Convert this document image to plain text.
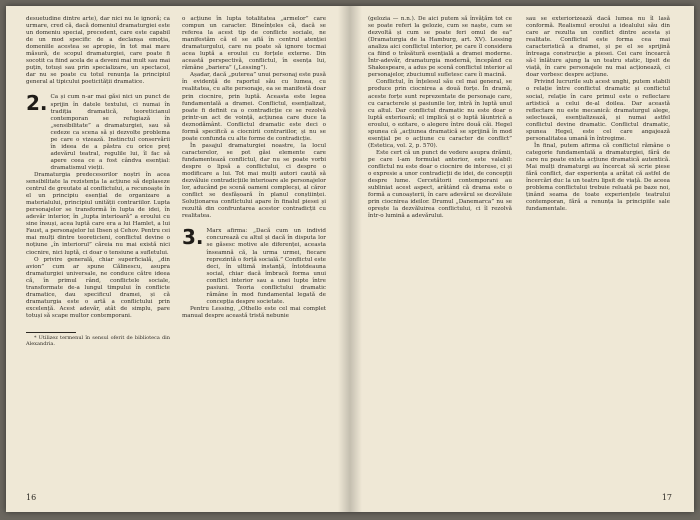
desuetudine dintre arte), dar nici nu le ignoră; ca urmare, cred că, dacă domeniul dramaturgiei este un domeniu special, precedent, care este capabil de un mod specific de a declanșa emoția, domeniile acestea se apropie, în tot mai mare măsură, de scopul dramaturgiei, care poate fi socotit ca fiind acela de a deveni mai mult sau mai puțin, totuși sau prin specializare, un spectacol, dar nu se poate cu totul renunța la principiul general al tipicului poeticității dramatice.

2. Ca și cum n-ar mai găsi nici un punct de sprijin în datele textului, ci numai în tradiția dramatică, teoreticianul contemporan se refugiază în „sensibilitate” a dramaturgiei, sau să cedeze ca scena să și dezvolte problema pe care o vizează. Instinctul conservării în ideea de a păstra cu orice preț adevărul teatral, regulile lui, îl fac să apere ceea ce a fost cândva esențial: dramatismul vieții.

Dramaturgia predecesorilor noștri în acea sensibilitate la rezistența la acțiune să deplaseze centrul de greutate al conflictului, a recunoaște în el un principiu esențial de organizare a materialului, principiul unității contrariilor. Lupta personajelor se transformă în lupta de idei, în adevăr interior, în „lupta interioară” a eroului cu sine însuși, acea luptă care era a lui Hamlet, a lui Faust, a personajelor lui Ibsen și Cehov. Pentru cei mai mulți dintre teoreticieni, conflictul devine o noțiune „în interiorul” căreia nu mai există nici ciocnire, nici luptă, ci doar o tensiune a sufletului.

O privire generală, chiar superficială, „din avion” cum ar spune Călinescu, asupra dramaturgiei universale, ne conduce către ideea că, în primul rând, conflictele sociale, transformate de-a lungul timpului în conflicte dramatice, dau specificul dramei, și că dramaturgia este o artă a conflictului prin excelență. Acest adevăr, atât de simplu, pare totuși să scape multor contemporani.

* Utilizez termenul în sensul oferit de biblioteca din Alexandria.

o acțiune în lupta totalitatea „armelor” care compun un caracter. Bineînțeles că, dacă se referea la acest tip de conflicte sociale, ne manifestăm că el se află în centrul atenției dramaturgului, care nu poate să ignore tocmai acea luptă a eroului cu forțele externe. Din această perspectivă, conflictul, în esența lui, rămâne „bariera” („Lessing”).

Așadar, dacă „puterea” unui personaj este pusă în evidență de raportul său cu lumea, cu realitatea, cu alte personaje, ea se manifestă doar prin ciocnire, prin luptă. Aceasta este legea fundamentală a dramei. Conflictul, esențializat, poate fi definit ca o contradicție ce se rezolvă printr-un act de voință, acțiunea care duce la deznodământ. Conflictul dramatic este deci o formă specifică a ciocnirii contrariilor, și nu se poate confunda cu alte forme de contradicție.

În pasajul dramaturgiei noastre, la locul caracterelor, se pot găsi elemente care fundamentează conflictul, dar nu se poate vorbi despre o lipsă a conflictului, ci despre o modificare a lui. Tot mai mulți autori caută să dezvăluie contradicțiile interioare ale personajelor lor, aducând pe scenă oameni complecși, al căror conflict se desfășoară în planul conștiinței. Soluționarea conflictului apare în finalul piesei și rezultă din confruntarea acestor contradicții cu realitatea.

3. Marx afirma: „Dacă cum un individ concurează cu altul și dacă în disputa lor se găsesc motive ale diferenței, aceasta înseamnă că, la urma urmei, fiecare reprezintă o forță socială.” Conflictul este deci, în ultimă instanță, întotdeauna social, chiar dacă îmbracă forma unui conflict interior sau a unei lupte între pasiuni. Teoria conflictului dramatic rămâne în mod fundamental legată de concepția despre societate.

Pentru Lessing, „Othello este cel mai complet manual despre această tristă nebunie

16

(gelozia — n.n.). De aici putem să învățăm tot ce se poate referi la gelozie, cum se naște, cum se dezvoltă și cum se poate feri omul de ea” (Dramaturgia de la Hamburg, art. XV). Lessing analiza aici conflictul interior, pe care îl considera ca fiind o trăsătură esențială a dramei moderne. Într-adevăr, dramaturgia modernă, începând cu Shakespeare, a adus pe scenă conflictul interior al personajelor, zbuciumul sufletesc care îi macină.

Conflictul, în înțelesul său cel mai general, se produce prin ciocnirea a două forțe. În dramă, aceste forțe sunt reprezentate de personaje care, cu caracterele și pasiunile lor, intră în luptă unul cu altul. Dar conflictul dramatic nu este doar o luptă exterioară; el implică și o luptă lăuntrică a eroului, o ezitare, o alegere între două căi. Hegel spunea că „acțiunea dramatică se sprijină în mod esențial pe o acțiune cu caracter de conflict” (Estetica, vol. 2, p. 570).

Este cert că un punct de vedere asupra drămii, pe care l-am formulat anterior, este valabil: conflictul nu este doar o ciocnire de interese, ci și o expresie a unor contradicții de idei, de concepții despre lume. Cercetătorii contemporani au subliniat acest aspect, arătând că drama este o formă a cunoașterii, în care adevărul se dezvăluie prin ciocnirea ideilor. Drumul „Danemarca” nu se oprește la dezvăluirea conflictului, ci îl rezolvă într-o lumină a adevărului.

sau se exteriorizează dacă lumea nu îl lasă conformă. Realismul eroului a idealului său din care ar rezulta un conflict dintre acesta și realitate. Conflictul este forma cea mai caracteristică a dramei, și pe el se sprijină întreaga construcție a piesei. Cei care încearcă să-l înlăture ajung la un teatru static, lipsit de viață, în care personajele nu mai acționează, ci doar vorbesc despre acțiune.

Privind lucrurile sub acest unghi, putem stabili o relație între conflictul dramatic și conflictul social, relație în care primul este o reflectare artistică a celui de-al doilea. Dar această reflectare nu este mecanică: dramaturgul alege, selectează, esențializează, și numai astfel conflictul devine dramatic. Conflictul dramatic, spunea Hegel, este cel care angajează personalitatea umană în întregime.

În final, putem afirma că conflictul rămâne o categorie fundamentală a dramaturgiei, fără de care nu poate exista acțiune dramatică autentică. Mai mulți dramaturgi au încercat să scrie piese fără conflict, dar experiența a arătat că astfel de încercări duc la un teatru lipsit de viață. De aceea problema conflictului trebuie reluată pe baze noi, ținând seama de toate experiențele teatrului contemporan, fără a renunța la principiile sale fundamentale.

17
